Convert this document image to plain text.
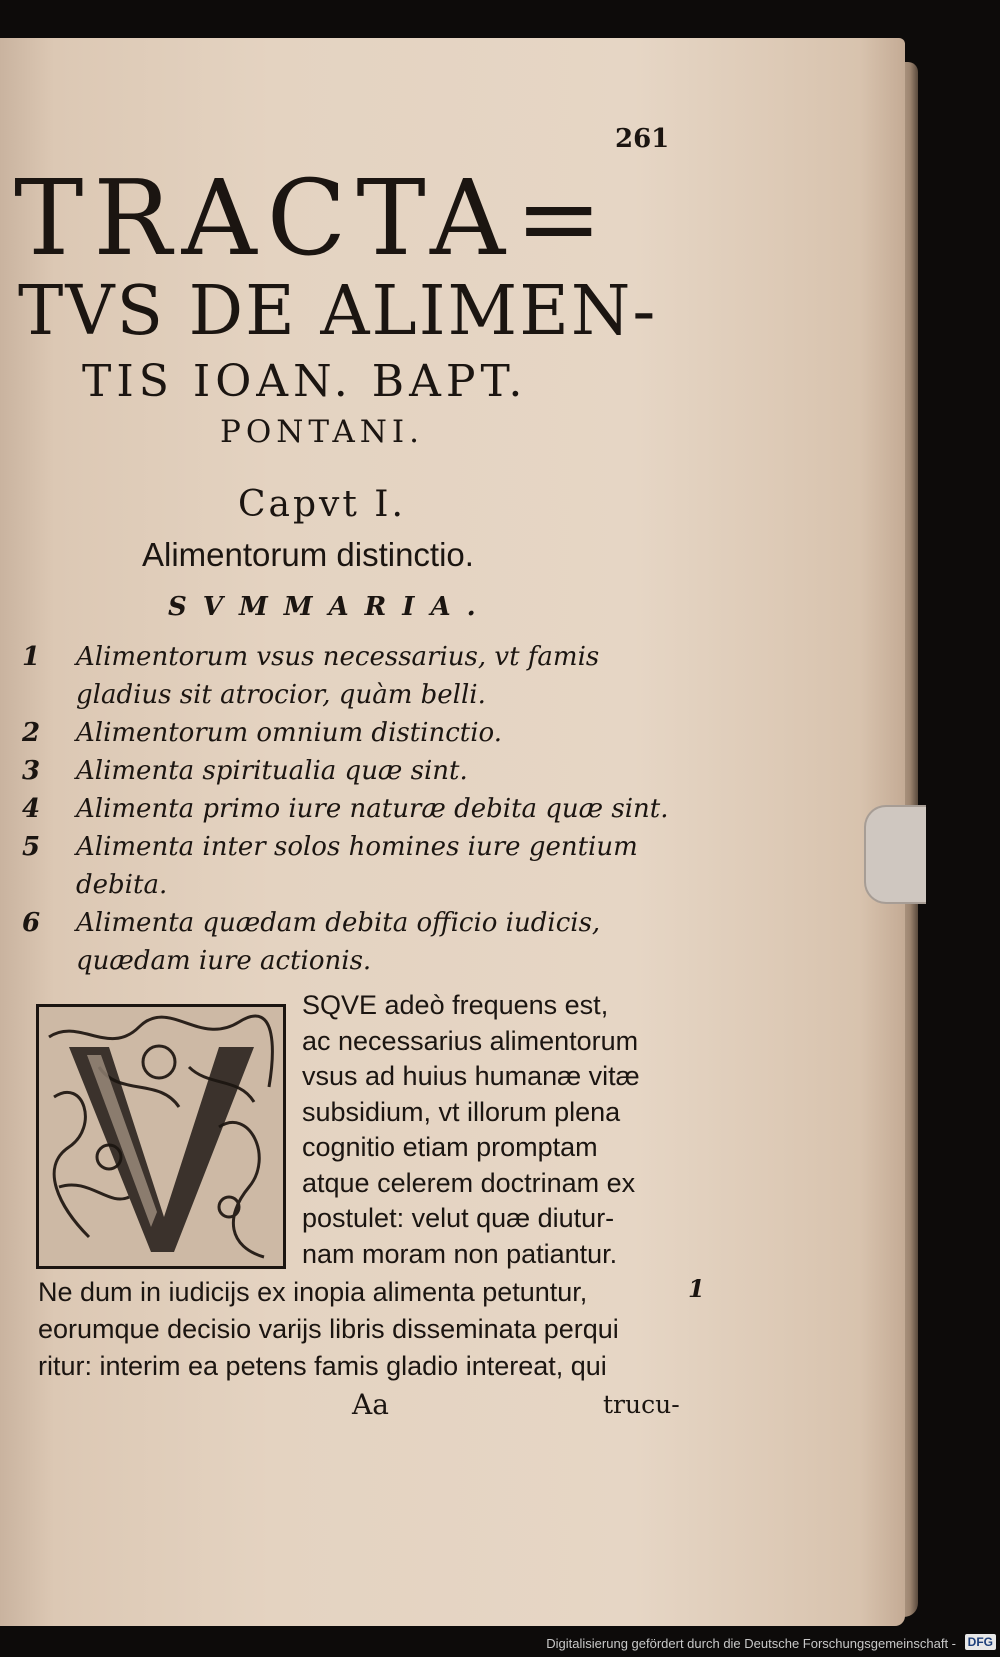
261
TRACTA=
TVS DE ALIMEN-
TIS IOAN. BAPT.
PONTANI.
Capvt I.
Alimentorum distinctio.
SVMMARIA.
1 Alimentorum vsus necessarius, vt famis gladius sit atrocior, quàm belli.
2 Alimentorum omnium distinctio.
3 Alimenta spiritualia quæ sint.
4 Alimenta primo iure naturæ debita quæ sint.
5 Alimenta inter solos homines iure gentium debita.
6 Alimenta quædam debita officio iudicis, quædam iure actionis.
SQVE adeò frequens est,
ac necessarius alimentorum
vsus ad huius humanæ vitæ
subsidium, vt illorum plena
cognitio etiam promptam
atque celerem doctrinam ex
postulet: velut quæ diutur-
nam moram non patiantur.
Ne dum in iudicijs ex inopia alimenta petuntur,
eorumque decisio varijs libris disseminata perqui
ritur: interim ea petens famis gladio intereat, qui
1
Aa	trucu-
Digitalisierung gefördert durch die Deutsche Forschungsgemeinschaft - DFG
